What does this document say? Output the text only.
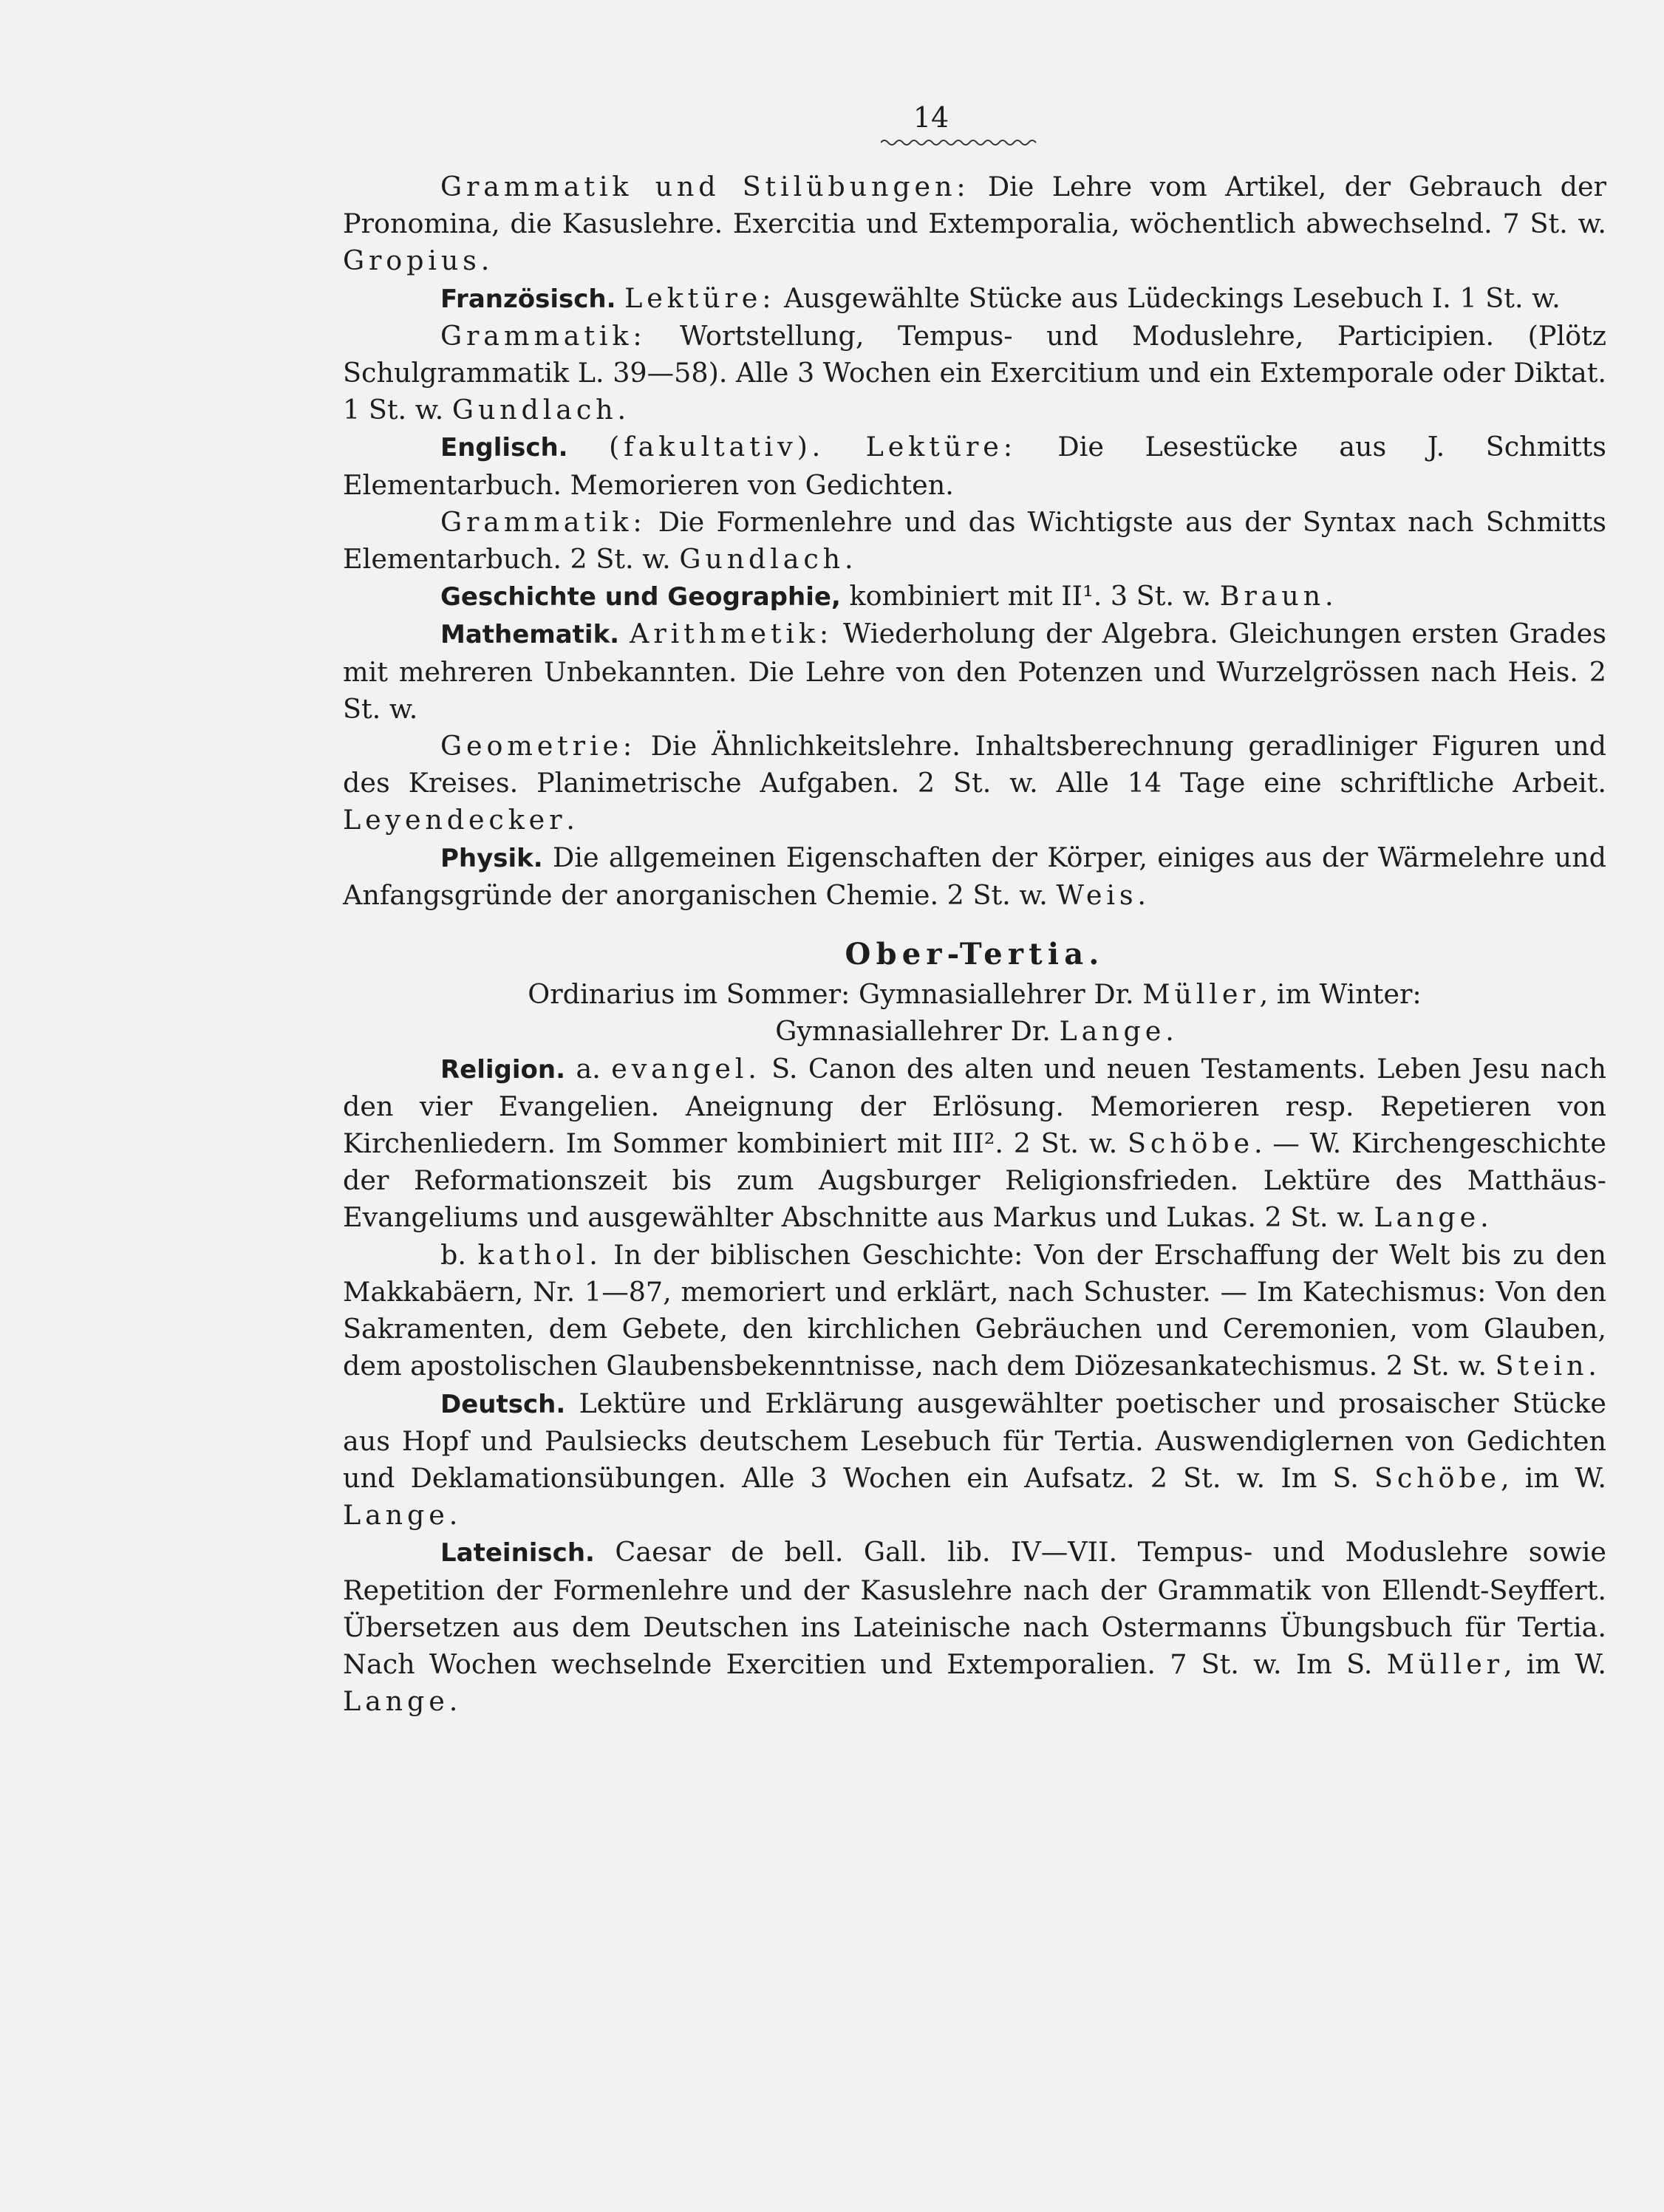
14

Grammatik und Stilübungen: Die Lehre vom Artikel, der Gebrauch der Pronomina, die Kasuslehre. Exercitia und Extemporalia, wöchentlich abwechselnd. 7 St. w. Gropius.

Französisch. Lektüre: Ausgewählte Stücke aus Lüdeckings Lesebuch I. 1 St. w.

Grammatik: Wortstellung, Tempus- und Moduslehre, Participien. (Plötz Schulgrammatik L. 39—58). Alle 3 Wochen ein Exercitium und ein Extemporale oder Diktat. 1 St. w. Gundlach.

Englisch. (fakultativ). Lektüre: Die Lesestücke aus J. Schmitts Elementarbuch. Memorieren von Gedichten.

Grammatik: Die Formenlehre und das Wichtigste aus der Syntax nach Schmitts Elementarbuch. 2 St. w. Gundlach.

Geschichte und Geographie, kombiniert mit II¹. 3 St. w. Braun.

Mathematik. Arithmetik: Wiederholung der Algebra. Gleichungen ersten Grades mit mehreren Unbekannten. Die Lehre von den Potenzen und Wurzelgrössen nach Heis. 2 St. w.

Geometrie: Die Ähnlichkeitslehre. Inhaltsberechnung geradliniger Figuren und des Kreises. Planimetrische Aufgaben. 2 St. w. Alle 14 Tage eine schriftliche Arbeit. Leyendecker.

Physik. Die allgemeinen Eigenschaften der Körper, einiges aus der Wärmelehre und Anfangsgründe der anorganischen Chemie. 2 St. w. Weis.

Ober-Tertia.

Ordinarius im Sommer: Gymnasiallehrer Dr. Müller, im Winter:

Gymnasiallehrer Dr. Lange.

Religion. a. evangel. S. Canon des alten und neuen Testaments. Leben Jesu nach den vier Evangelien. Aneignung der Erlösung. Memorieren resp. Repetieren von Kirchenliedern. Im Sommer kombiniert mit III². 2 St. w. Schöbe. — W. Kirchengeschichte der Reformationszeit bis zum Augsburger Religionsfrieden. Lektüre des Matthäus-Evangeliums und ausgewählter Abschnitte aus Markus und Lukas. 2 St. w. Lange.

b. kathol. In der biblischen Geschichte: Von der Erschaffung der Welt bis zu den Makkabäern, Nr. 1—87, memoriert und erklärt, nach Schuster. — Im Katechismus: Von den Sakramenten, dem Gebete, den kirchlichen Gebräuchen und Ceremonien, vom Glauben, dem apostolischen Glaubensbekenntnisse, nach dem Diözesankatechismus. 2 St. w. Stein.

Deutsch. Lektüre und Erklärung ausgewählter poetischer und prosaischer Stücke aus Hopf und Paulsiecks deutschem Lesebuch für Tertia. Auswendiglernen von Gedichten und Deklamationsübungen. Alle 3 Wochen ein Aufsatz. 2 St. w. Im S. Schöbe, im W. Lange.

Lateinisch. Caesar de bell. Gall. lib. IV—VII. Tempus- und Moduslehre sowie Repetition der Formenlehre und der Kasuslehre nach der Grammatik von Ellendt-Seyffert. Übersetzen aus dem Deutschen ins Lateinische nach Ostermanns Übungsbuch für Tertia. Nach Wochen wechselnde Exercitien und Extemporalien. 7 St. w. Im S. Müller, im W. Lange.
